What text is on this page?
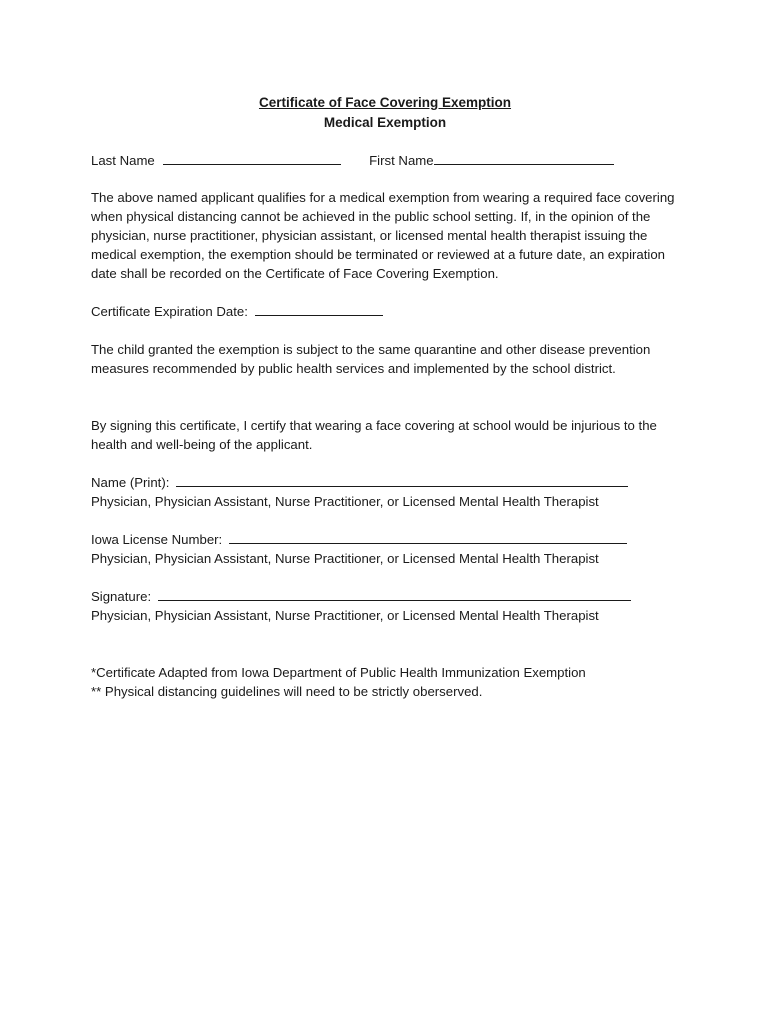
Certificate of Face Covering Exemption
Medical Exemption
Last Name	First Name
The above named applicant qualifies for a medical exemption from wearing a required face covering when physical distancing cannot be achieved in the public school setting. If, in the opinion of the physician, nurse practitioner, physician assistant, or licensed mental health therapist issuing the medical exemption, the exemption should be terminated or reviewed at a future date, an expiration date shall be recorded on the Certificate of Face Covering Exemption.
Certificate Expiration Date:
The child granted the exemption is subject to the same quarantine and other disease prevention measures recommended by public health services and implemented by the school district.
By signing this certificate, I certify that wearing a face covering at school would be injurious to the health and well-being of the applicant.
Name (Print):
Physician, Physician Assistant, Nurse Practitioner, or Licensed Mental Health Therapist
Iowa License Number:
Physician, Physician Assistant, Nurse Practitioner, or Licensed Mental Health Therapist
Signature:
Physician, Physician Assistant, Nurse Practitioner, or Licensed Mental Health Therapist
*Certificate Adapted from Iowa Department of Public Health Immunization Exemption
** Physical distancing guidelines will need to be strictly oberserved.
